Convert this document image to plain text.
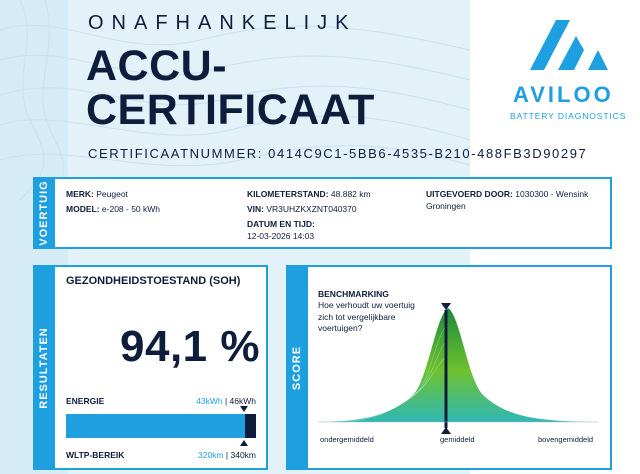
ONAFHANKELIJK
ACCU-
CERTIFICAAT
CERTIFICAATNUMMER: 0414C9C1-5BB6-4535-B210-488FB3D90297
AVILOO
BATTERY DIAGNOSTICS
VOERTUIG MERK: Peugeot
MODEL: e-208 - 50 kWh
KILOMETERSTAND: 48.882 km
VIN: VR3UHZKXZNT040370
DATUM EN TIJD:
12-03-2026 14:03
UITGEVOERD DOOR: 1030300 - Wensink Groningen
RESULTATEN
GEZONDHEIDSTOESTAND (SOH)
94,1 %
ENERGIE	43kWh | 46kWh
WLTP-BEREIK	320km | 340km
SCORE
BENCHMARKING
Hoe verhoudt uw voertuig zich tot vergelijkbare voertuigen?
ondergemiddeld	gemiddeld	bovengemiddeld
